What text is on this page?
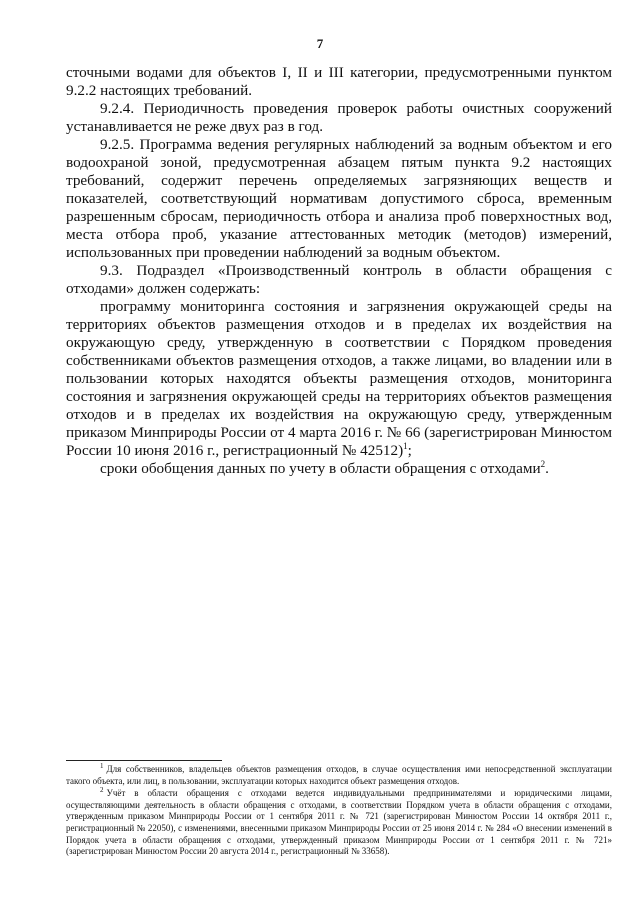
7

сточными водами для объектов I, II и III категории, предусмотренными пунктом 9.2.2 настоящих требований.

9.2.4. Периодичность проведения проверок работы очистных сооружений устанавливается не реже двух раз в год.

9.2.5. Программа ведения регулярных наблюдений за водным объектом и его водоохраной зоной, предусмотренная абзацем пятым пункта 9.2 настоящих требований, содержит перечень определяемых загрязняющих веществ и показателей, соответствующий нормативам допустимого сброса, временным разрешенным сбросам, периодичность отбора и анализа проб поверхностных вод, места отбора проб, указание аттестованных методик (методов) измерений, использованных при проведении наблюдений за водным объектом.

9.3. Подраздел «Производственный контроль в области обращения с отходами» должен содержать:

программу мониторинга состояния и загрязнения окружающей среды на территориях объектов размещения отходов и в пределах их воздействия на окружающую среду, утвержденную в соответствии с Порядком проведения собственниками объектов размещения отходов, а также лицами, во владении или в пользовании которых находятся объекты размещения отходов, мониторинга состояния и загрязнения окружающей среды на территориях объектов размещения отходов и в пределах их воздействия на окружающую среду, утвержденным приказом Минприроды России от 4 марта 2016 г. № 66 (зарегистрирован Минюстом России 10 июня 2016 г., регистрационный № 42512)$^1$;

сроки обобщения данных по учету в области обращения с отходами$^2$.

$^1$ Для собственников, владельцев объектов размещения отходов, в случае осуществления ими непосредственной эксплуатации такого объекта, или лиц, в пользовании, эксплуатации которых находится объект размещения отходов.

$^2$ Учёт в области обращения с отходами ведется индивидуальными предпринимателями и юридическими лицами, осуществляющими деятельность в области обращения с отходами, в соответствии Порядком учета в области обращения с отходами, утвержденным приказом Минприроды России от 1 сентября 2011 г. № 721 (зарегистрирован Минюстом России 14 октября 2011 г., регистрационный № 22050), с изменениями, внесенными приказом Минприроды России от 25 июня 2014 г. № 284 «О внесении изменений в Порядок учета в области обращения с отходами, утвержденный приказом Минприроды России от 1 сентября 2011 г. № 721» (зарегистрирован Минюстом России 20 августа 2014 г., регистрационный № 33658).
